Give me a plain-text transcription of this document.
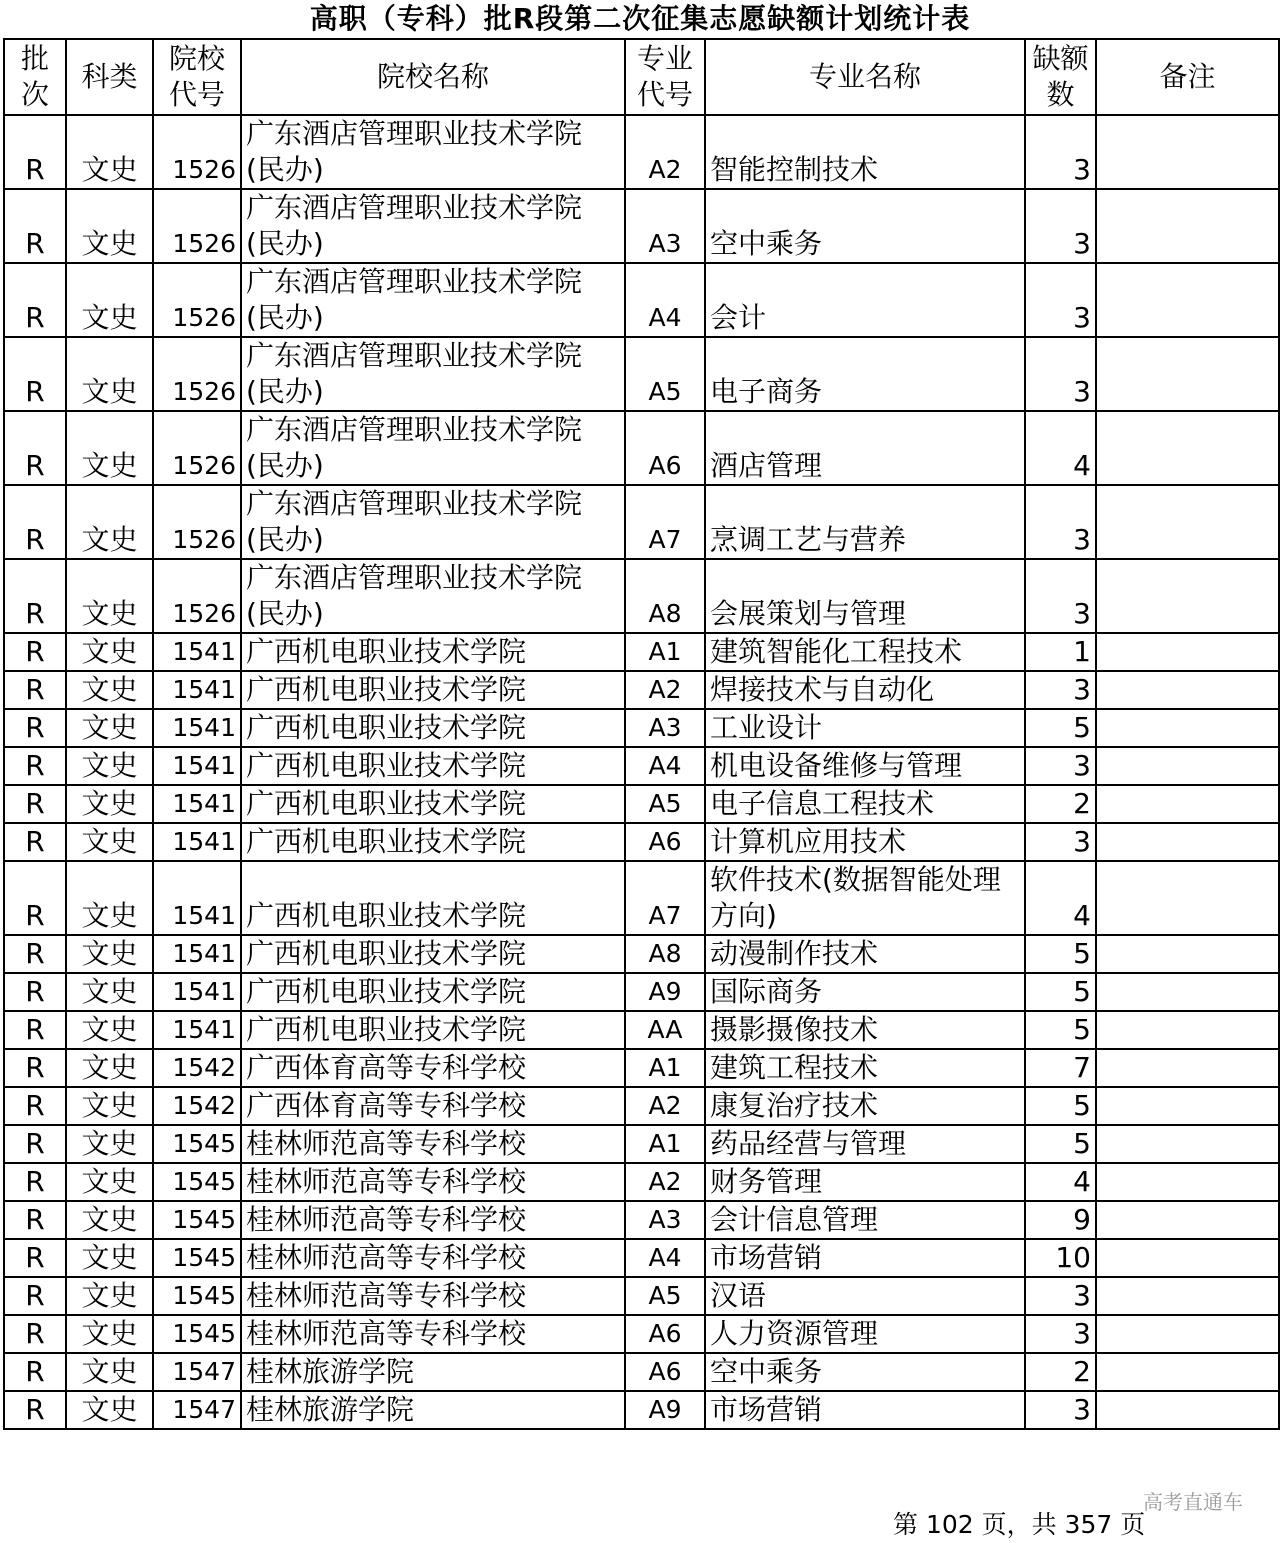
高职（专科）批R段第二次征集志愿缺额计划统计表
批次	科类	院校代号	院校名称	专业代号	专业名称	缺额数	备注
R	文史	1526	广东酒店管理职业技术学院(民办)	A2	智能控制技术	3	
R	文史	1526	广东酒店管理职业技术学院(民办)	A3	空中乘务	3	
R	文史	1526	广东酒店管理职业技术学院(民办)	A4	会计	3	
R	文史	1526	广东酒店管理职业技术学院(民办)	A5	电子商务	3	
R	文史	1526	广东酒店管理职业技术学院(民办)	A6	酒店管理	4	
R	文史	1526	广东酒店管理职业技术学院(民办)	A7	烹调工艺与营养	3	
R	文史	1526	广东酒店管理职业技术学院(民办)	A8	会展策划与管理	3	
R	文史	1541	广西机电职业技术学院	A1	建筑智能化工程技术	1	
R	文史	1541	广西机电职业技术学院	A2	焊接技术与自动化	3	
R	文史	1541	广西机电职业技术学院	A3	工业设计	5	
R	文史	1541	广西机电职业技术学院	A4	机电设备维修与管理	3	
R	文史	1541	广西机电职业技术学院	A5	电子信息工程技术	2	
R	文史	1541	广西机电职业技术学院	A6	计算机应用技术	3	
R	文史	1541	广西机电职业技术学院	A7	软件技术(数据智能处理方向)	4	
R	文史	1541	广西机电职业技术学院	A8	动漫制作技术	5	
R	文史	1541	广西机电职业技术学院	A9	国际商务	5	
R	文史	1541	广西机电职业技术学院	AA	摄影摄像技术	5	
R	文史	1542	广西体育高等专科学校	A1	建筑工程技术	7	
R	文史	1542	广西体育高等专科学校	A2	康复治疗技术	5	
R	文史	1545	桂林师范高等专科学校	A1	药品经营与管理	5	
R	文史	1545	桂林师范高等专科学校	A2	财务管理	4	
R	文史	1545	桂林师范高等专科学校	A3	会计信息管理	9	
R	文史	1545	桂林师范高等专科学校	A4	市场营销	10	
R	文史	1545	桂林师范高等专科学校	A5	汉语	3	
R	文史	1545	桂林师范高等专科学校	A6	人力资源管理	3	
R	文史	1547	桂林旅游学院	A6	空中乘务	2	
R	文史	1547	桂林旅游学院	A9	市场营销	3	
第 102 页，共 357 页
高考直通车
